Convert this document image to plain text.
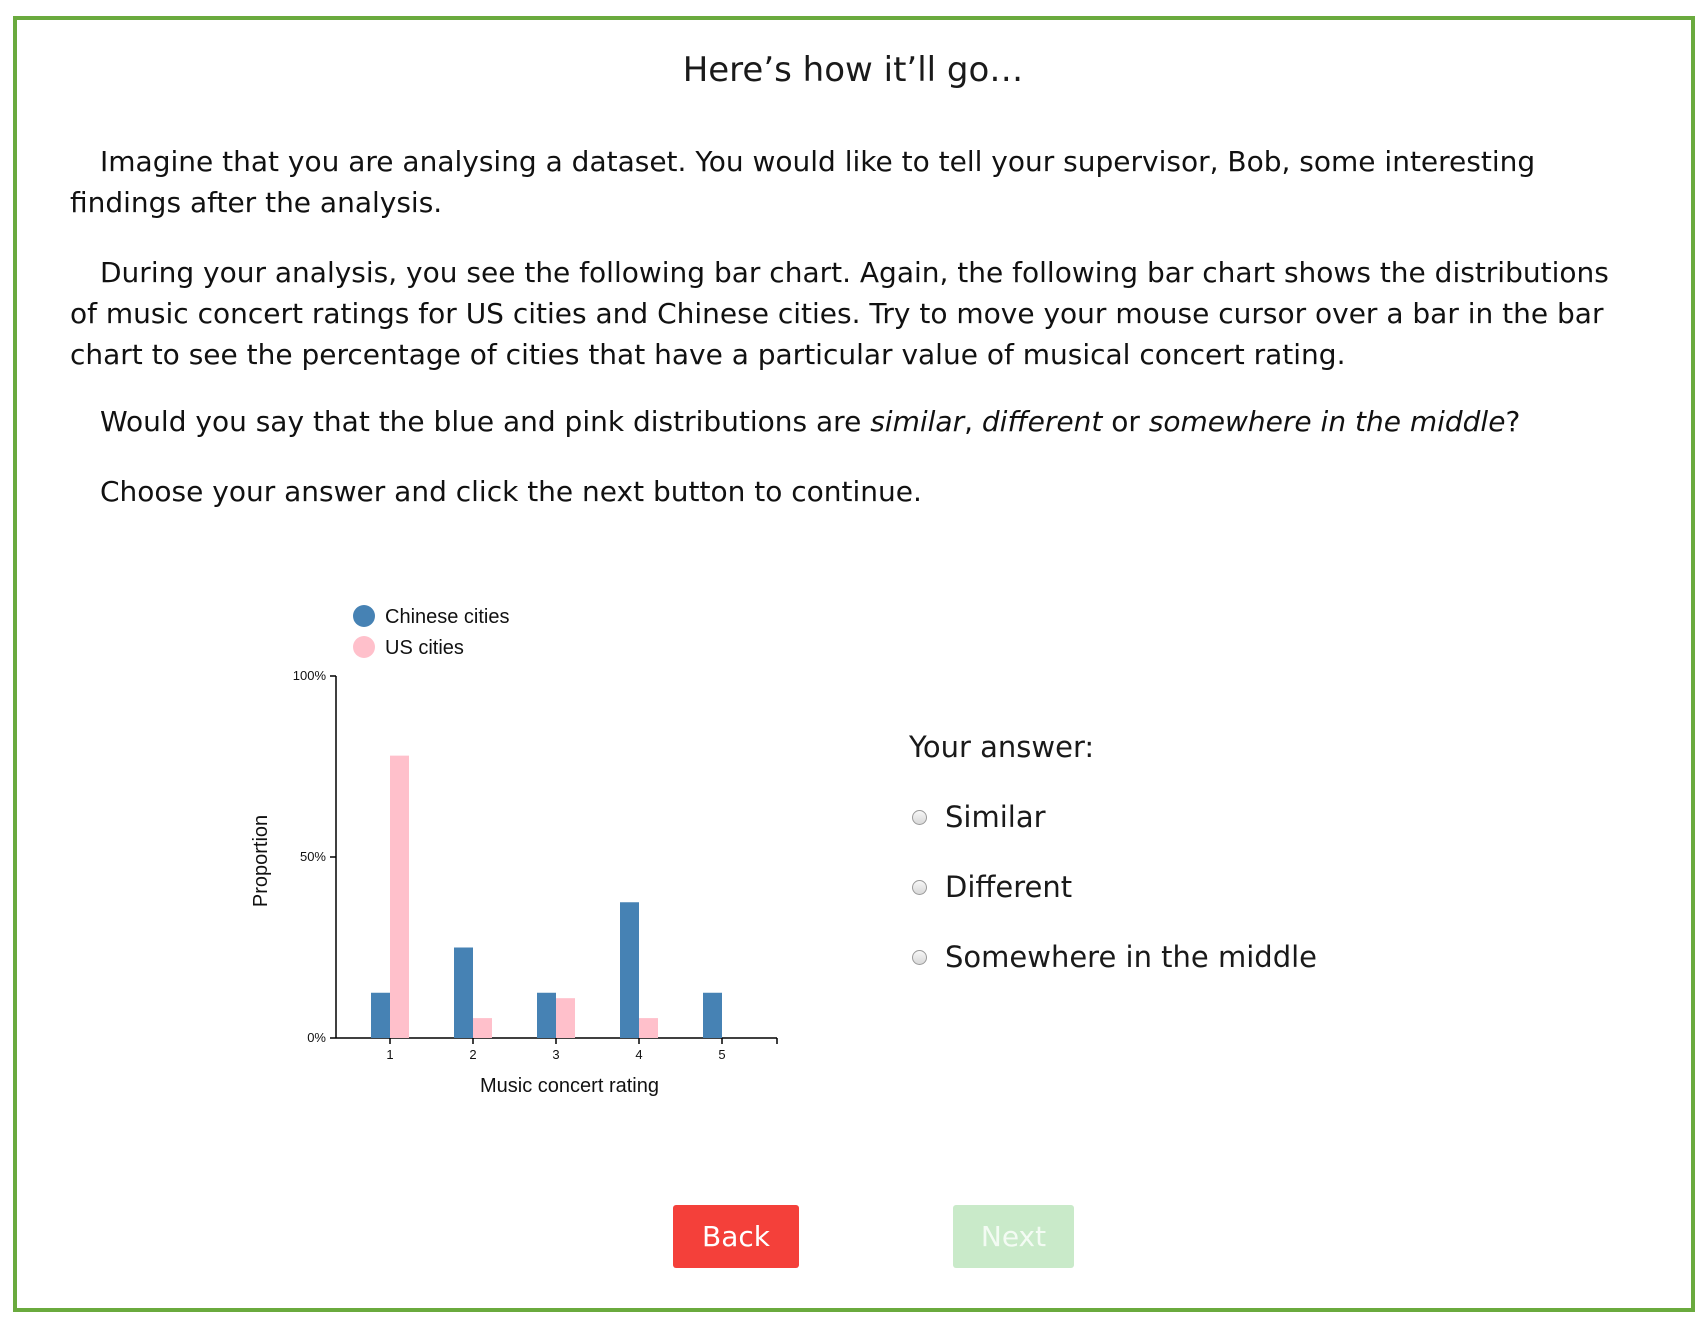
Here’s how it’ll go…

Imagine that you are analysing a dataset. You would like to tell your supervisor, Bob, some interesting findings after the analysis.

During your analysis, you see the following bar chart. Again, the following bar chart shows the distributions of music concert ratings for US cities and Chinese cities. Try to move your mouse cursor over a bar in the bar chart to see the percentage of cities that have a particular value of musical concert rating.

Would you say that the blue and pink distributions are similar, different or somewhere in the middle?

Choose your answer and click the next button to continue.

Chinese cities
US cities
0%
50%
100%
1	2	3	4	5
Music concert rating
Proportion
Your answer:
Similar
Different
Somewhere in the middle
Back	Next
